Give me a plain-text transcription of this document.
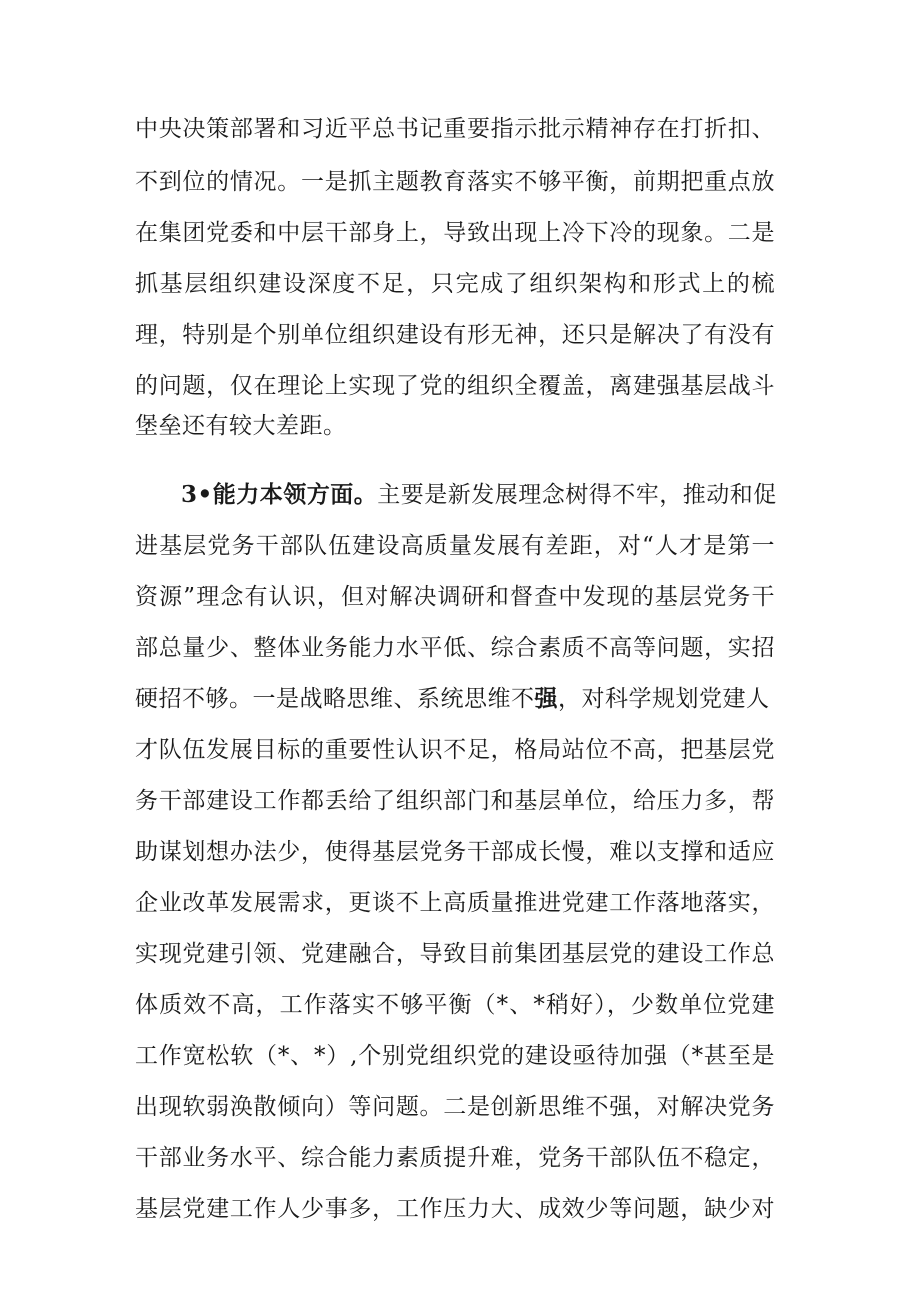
中央决策部署和习近平总书记重要指示批示精神存在打折扣、
不到位的情况。一是抓主题教育落实不够平衡，前期把重点放
在集团党委和中层干部身上，导致出现上冷下冷的现象。二是
抓基层组织建设深度不足，只完成了组织架构和形式上的梳
理，特别是个别单位组织建设有形无神，还只是解决了有没有
的问题，仅在理论上实现了党的组织全覆盖，离建强基层战斗
堡垒还有较大差距。
3•能力本领方面。主要是新发展理念树得不牢，推动和促
进基层党务干部队伍建设高质量发展有差距，对“人才是第一
资源”理念有认识，但对解决调研和督查中发现的基层党务干
部总量少、整体业务能力水平低、综合素质不高等问题，实招
硬招不够。一是战略思维、系统思维不强，对科学规划党建人
才队伍发展目标的重要性认识不足，格局站位不高，把基层党
务干部建设工作都丢给了组织部门和基层单位，给压力多，帮
助谋划想办法少，使得基层党务干部成长慢，难以支撑和适应
企业改革发展需求，更谈不上高质量推进党建工作落地落实，
实现党建引领、党建融合，导致目前集团基层党的建设工作总
体质效不高，工作落实不够平衡（*、*稍好），少数单位党建
工作宽松软（*、*）,个别党组织党的建设亟待加强（*甚至是
出现软弱涣散倾向）等问题。二是创新思维不强，对解决党务
干部业务水平、综合能力素质提升难，党务干部队伍不稳定，
基层党建工作人少事多，工作压力大、成效少等问题，缺少对
